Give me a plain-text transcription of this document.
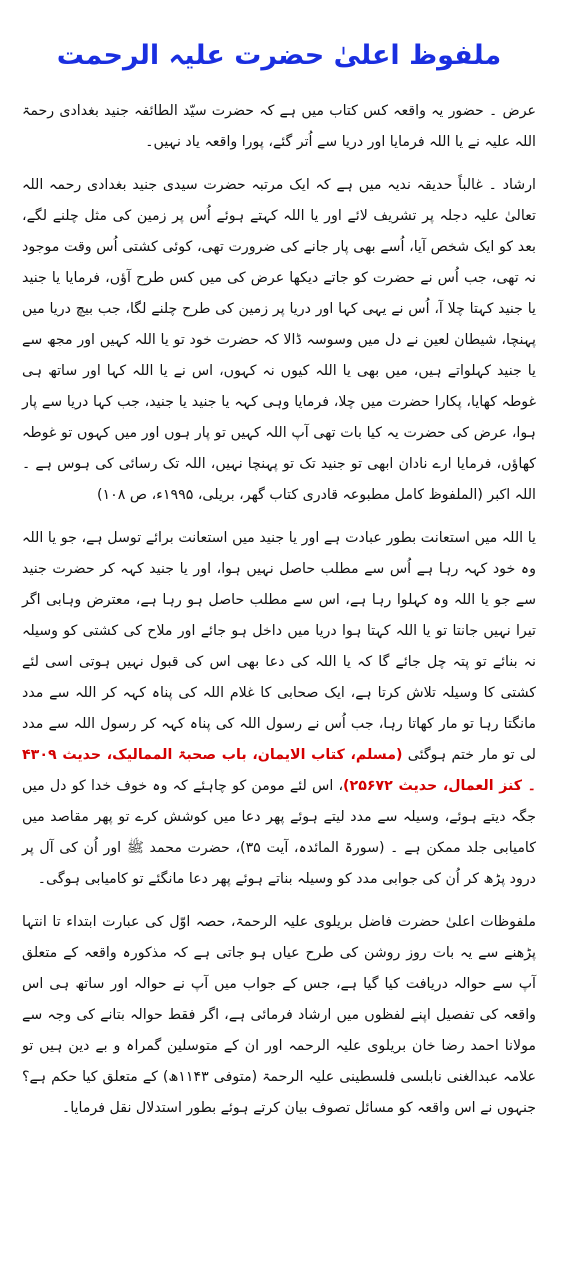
ملفوظ اعلیٰ حضرت علیہ الرحمت

عرض ۔ حضور یہ واقعہ کس کتاب میں ہے کہ حضرت سیّد الطائفہ جنید بغدادی رحمۃ اللہ علیہ نے یا اللہ فرمایا اور دریا سے اُتر گئے، پورا واقعہ یاد نہیں۔

ارشاد ۔ غالباً حدیقہ ندیہ میں ہے کہ ایک مرتبہ حضرت سیدی جنید بغدادی رحمہ اللہ تعالیٰ علیہ دجلہ پر تشریف لائے اور یا اللہ کہتے ہوئے اُس پر زمین کی مثل چلنے لگے، بعد کو ایک شخص آیا، اُسے بھی پار جانے کی ضرورت تھی، کوئی کشتی اُس وقت موجود نہ تھی، جب اُس نے حضرت کو جاتے دیکھا عرض کی میں کس طرح آؤں، فرمایا یا جنید یا جنید کہتا چلا آ، اُس نے یہی کہا اور دریا پر زمین کی طرح چلنے لگا، جب بیچ دریا میں پہنچا، شیطان لعین نے دل میں وسوسہ ڈالا کہ حضرت خود تو یا اللہ کہیں اور مجھ سے یا جنید کہلواتے ہیں، میں بھی یا اللہ کیوں نہ کہوں، اس نے یا اللہ کہا اور ساتھ ہی غوطہ کھایا، پکارا حضرت میں چلا، فرمایا وہی کہہ یا جنید یا جنید، جب کہا دریا سے پار ہوا، عرض کی حضرت یہ کیا بات تھی آپ اللہ کہیں تو پار ہوں اور میں کہوں تو غوطہ کھاؤں، فرمایا ارے نادان ابھی تو جنید تک تو پہنچا نہیں، اللہ تک رسائی کی ہوس ہے ۔ اللہ اکبر (الملفوظ کامل مطبوعہ قادری کتاب گھر، بریلی، ۱۹۹۵ء، ص ۱۰۸)

یا اللہ میں استعانت بطور عبادت ہے اور یا جنید میں استعانت برائے توسل ہے، جو یا اللہ وہ خود کہہ رہا ہے اُس سے مطلب حاصل نہیں ہوا، اور یا جنید کہہ کر حضرت جنید سے جو یا اللہ وہ کہلوا رہا ہے، اس سے مطلب حاصل ہو رہا ہے، معترض وہابی اگر تیرا نہیں جانتا تو یا اللہ کہتا ہوا دریا میں داخل ہو جائے اور ملاح کی کشتی کو وسیلہ نہ بنائے تو پتہ چل جائے گا کہ یا اللہ کی دعا بھی اس کی قبول نہیں ہوتی اسی لئے کشتی کا وسیلہ تلاش کرتا ہے، ایک صحابی کا غلام اللہ کی پناہ کہہ کر اللہ سے مدد مانگتا رہا تو مار کھاتا رہا، جب اُس نے رسول اللہ کی پناہ کہہ کر رسول اللہ سے مدد لی تو مار ختم ہوگئی (مسلم، کتاب الایمان، باب صحبۃ الممالیک، حدیث ۴۳۰۹ ۔ کنز العمال، حدیث ۲۵۶۷۲)، اس لئے مومن کو چاہئے کہ وہ خوف خدا کو دل میں جگہ دیتے ہوئے، وسیلہ سے مدد لیتے ہوئے پھر دعا میں کوشش کرے تو پھر مقاصد میں کامیابی جلد ممکن ہے ۔ (سورۃ المائدہ، آیت ۳۵)، حضرت محمد ﷺ اور اُن کی آل پر درود پڑھ کر اُن کی جوابی مدد کو وسیلہ بناتے ہوئے پھر دعا مانگئے تو کامیابی ہوگی۔

ملفوظات اعلیٰ حضرت فاضل بریلوی علیہ الرحمۃ، حصہ اوّل کی عبارت ابتداء تا انتہا پڑھنے سے یہ بات روز روشن کی طرح عیاں ہو جاتی ہے کہ مذکورہ واقعہ کے متعلق آپ سے حوالہ دریافت کیا گیا ہے، جس کے جواب میں آپ نے حوالہ اور ساتھ ہی اس واقعہ کی تفصیل اپنے لفظوں میں ارشاد فرمائی ہے، اگر فقط حوالہ بتانے کی وجہ سے مولانا احمد رضا خان بریلوی علیہ الرحمہ اور ان کے متوسلین گمراہ و بے دین ہیں تو علامہ عبدالغنی نابلسی فلسطینی علیہ الرحمۃ (متوفی ۱۱۴۳ھ) کے متعلق کیا حکم ہے؟ جنہوں نے اس واقعہ کو مسائل تصوف بیان کرتے ہوئے بطور استدلال نقل فرمایا۔
